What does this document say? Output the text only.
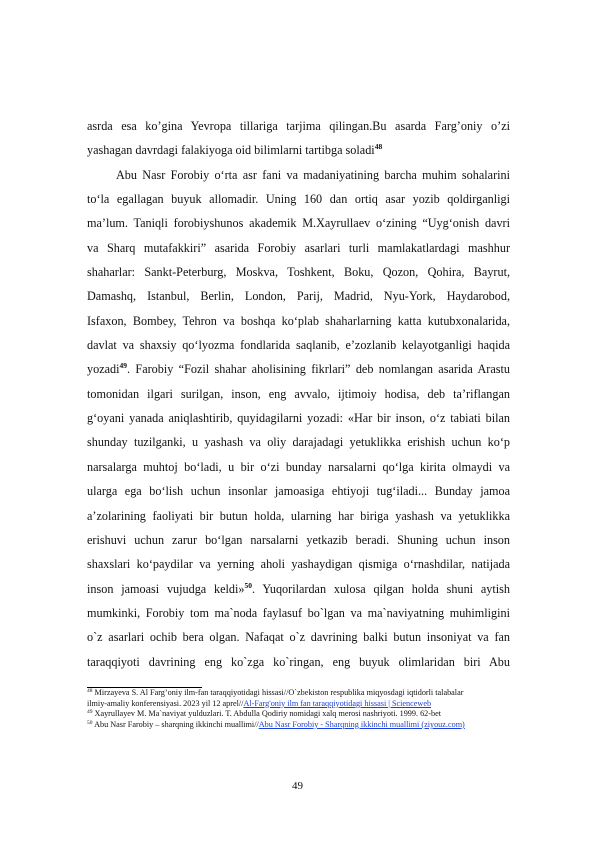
asrda esa ko’gina Yevropa tillariga tarjima qilingan.Bu asarda Farg’oniy o’zi
yashagan davrdagi falakiyoga oid bilimlarni tartibga soladi$^{48}$
Abu Nasr Forobiy o‘rta asr fani va madaniyatining barcha muhim sohalarini
to‘la egallagan buyuk allomadir. Uning 160 dan ortiq asar yozib qoldirganligi
ma’lum. Taniqli forobiyshunos akademik M.Xayrullaev o‘zining “Uyg‘onish davri
va Sharq mutafakkiri” asarida Forobiy asarlari turli mamlakatlardagi mashhur
shaharlar: Sankt-Peterburg, Moskva, Toshkent, Boku, Qozon, Qohira, Bayrut,
Damashq, Istanbul, Berlin, London, Parij, Madrid, Nyu-York, Haydarobod,
Isfaxon, Bombey, Tehron va boshqa ko‘plab shaharlarning katta kutubxonalarida,
davlat va shaxsiy qo‘lyozma fondlarida saqlanib, e’zozlanib kelayotganligi haqida
yozadi$^{49}$. Farobiy “Fozil shahar aholisining fikrlari” deb nomlangan asarida Arastu
tomonidan ilgari surilgan, inson, eng avvalo, ijtimoiy hodisa, deb ta’riflangan
g‘oyani yanada aniqlashtirib, quyidagilarni yozadi: «Har bir inson, o‘z tabiati bilan
shunday tuzilganki, u yashash va oliy darajadagi yetuklikka erishish uchun ko‘p
narsalarga muhtoj bo‘ladi, u bir o‘zi bunday narsalarni qo‘lga kirita olmaydi va
ularga ega bo‘lish uchun insonlar jamoasiga ehtiyoji tug‘iladi... Bunday jamoa
a’zolarining faoliyati bir butun holda, ularning har biriga yashash va yetuklikka
erishuvi uchun zarur bo‘lgan narsalarni yetkazib beradi. Shuning uchun inson
shaxslari ko‘paydilar va yerning aholi yashaydigan qismiga o‘rnashdilar, natijada
inson jamoasi vujudga keldi»$^{50}$. Yuqorilardan xulosa qilgan holda shuni aytish
mumkinki, Forobiy tom ma`noda faylasuf bo`lgan va ma`naviyatning muhimligini
o`z asarlari ochib bera olgan. Nafaqat o`z davrining balki butun insoniyat va fan
taraqqiyoti davrining eng ko`zga ko`ringan, eng buyuk olimlaridan biri Abu
$^{48}$ Mirzayeva S. Al Farg’oniy ilm-fan taraqqiyotidagi hissasi//O`zbekiston respublika miqyosdagi iqtidorli talabalar
ilmiy-amaliy konferensiyasi. 2023 yil 12 aprel//Al-Farg'oniy ilm fan taraqqiyotidagi hissasi | Scienceweb
$^{49}$ Xayrullayev M. Ma`naviyat yulduzlari. T. Abdulla Qodiriy nomidagi xalq merosi nashriyoti. 1999. 62-bet
$^{50}$ Abu Nasr Farobiy – sharqning ikkinchi muallimi//Abu Nasr Forobiy - Sharqning ikkinchi muallimi (ziyouz.com)
49
